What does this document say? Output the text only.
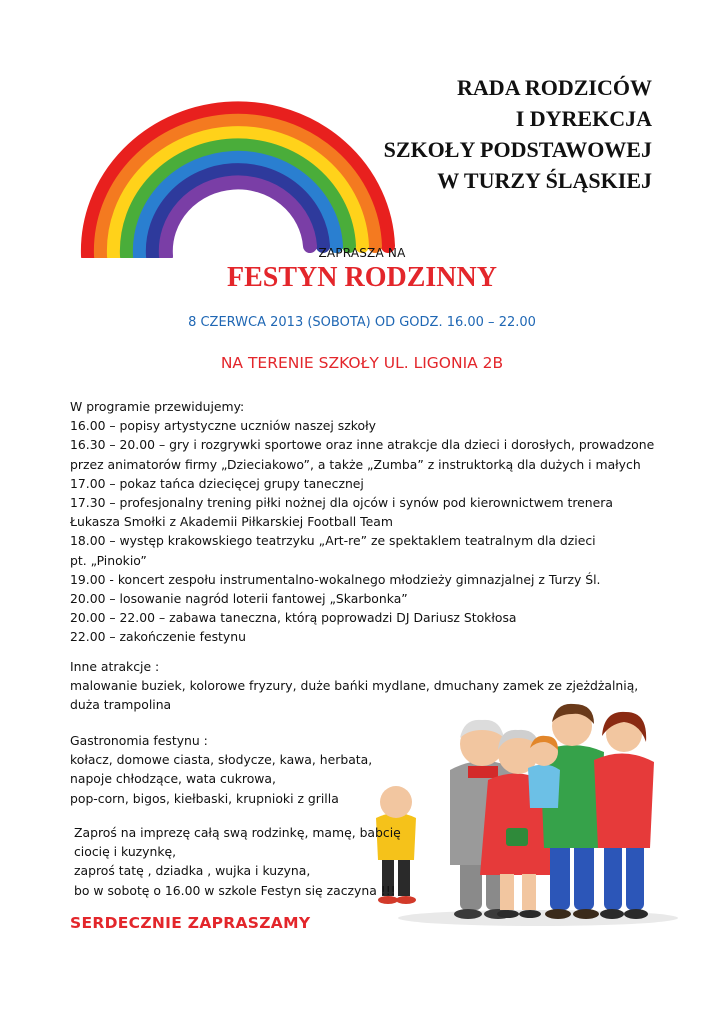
RADA RODZICÓW
I DYREKCJA
SZKOŁY PODSTAWOWEJ
W TURZY ŚLĄSKIEJ
ZAPRASZA NA
FESTYN RODZINNY
8 CZERWCA 2013 (SOBOTA) OD GODZ. 16.00 – 22.00
NA TERENIE SZKOŁY UL. LIGONIA 2B
W programie przewidujemy:
16.00 – popisy artystyczne uczniów naszej szkoły
16.30 – 20.00 – gry i rozgrywki sportowe oraz inne atrakcje dla dzieci i dorosłych, prowadzone
przez animatorów firmy „Dzieciakowo”, a także „Zumba” z instruktorką dla dużych i małych
17.00 – pokaz tańca dziecięcej grupy tanecznej
17.30 – profesjonalny trening piłki nożnej dla ojców i synów pod kierownictwem trenera
Łukasza Smołki z Akademii Piłkarskiej Football Team
18.00 – występ krakowskiego teatrzyku „Art-re” ze spektaklem teatralnym dla dzieci
pt. „Pinokio”
19.00 - koncert zespołu instrumentalno-wokalnego młodzieży gimnazjalnej z Turzy Śl.
20.00 – losowanie nagród loterii fantowej „Skarbonka”
20.00 – 22.00 – zabawa taneczna, którą poprowadzi DJ Dariusz Stokłosa
22.00 – zakończenie festynu
Inne atrakcje :
malowanie buziek, kolorowe fryzury, duże bańki mydlane, dmuchany zamek ze zjeżdżalnią,
duża trampolina
Gastronomia festynu :
kołacz, domowe ciasta, słodycze, kawa, herbata,
napoje chłodzące, wata cukrowa,
pop-corn, bigos, kiełbaski, krupnioki z grilla
Zaproś na imprezę całą swą rodzinkę, mamę, babcię
ciocię i kuzynkę,
zaproś tatę , dziadka , wujka i kuzyna,
bo w sobotę o 16.00 w szkole Festyn się zaczyna !!!
SERDECZNIE ZAPRASZAMY
